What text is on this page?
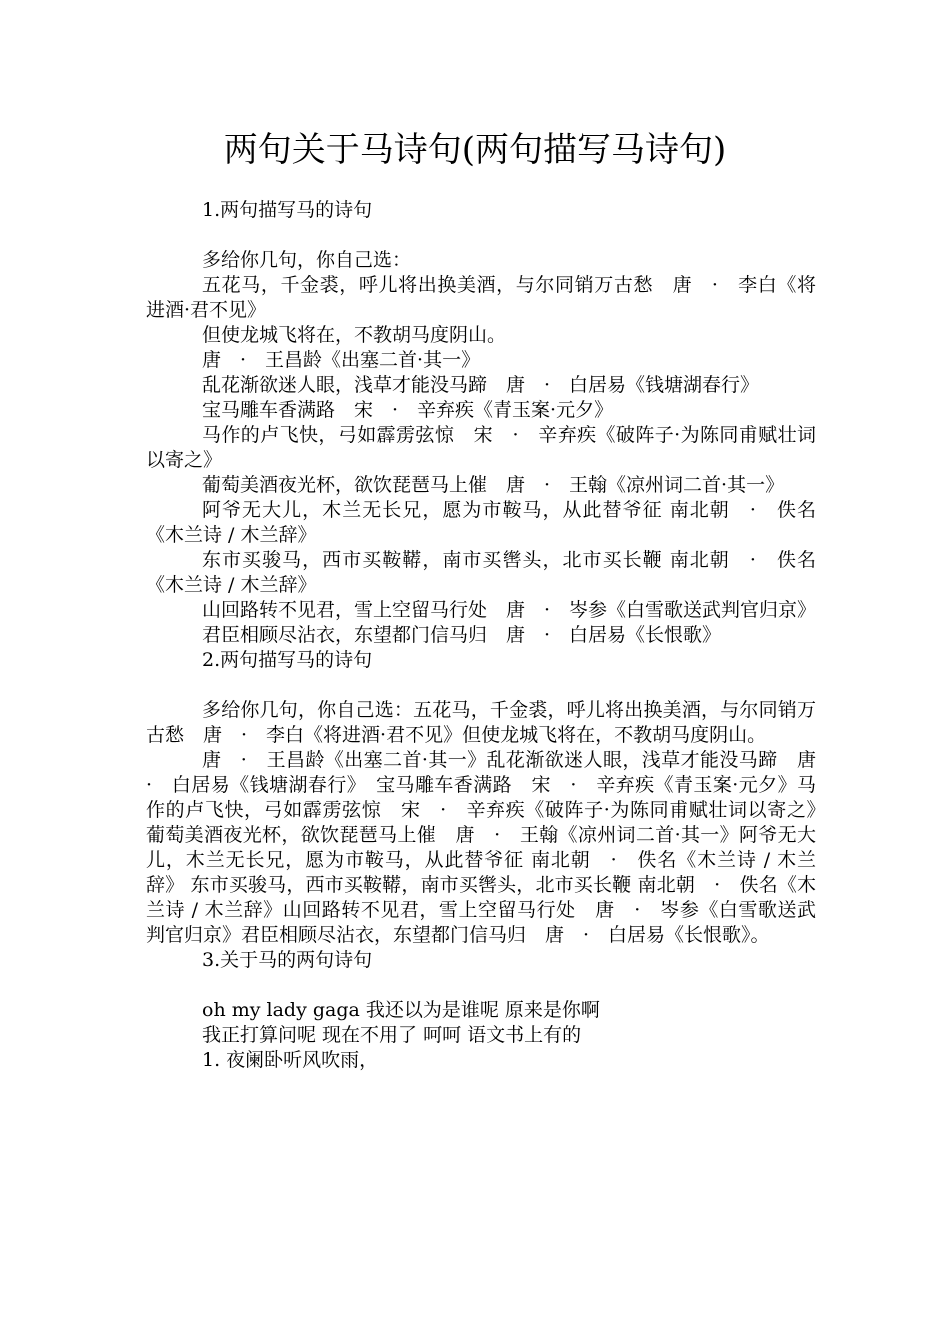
两句关于马诗句(两句描写马诗句)

1.两句描写马的诗句

多给你几句，你自己选：

五花马，千金裘，呼儿将出换美酒，与尔同销万古愁　唐　·　李白《将进酒·君不见》

但使龙城飞将在，不教胡马度阴山。

唐　·　王昌龄《出塞二首·其一》

乱花渐欲迷人眼，浅草才能没马蹄　唐　·　白居易《钱塘湖春行》

宝马雕车香满路　宋　·　辛弃疾《青玉案·元夕》

马作的卢飞快，弓如霹雳弦惊　宋　·　辛弃疾《破阵子·为陈同甫赋壮词以寄之》

葡萄美酒夜光杯，欲饮琵琶马上催　唐　·　王翰《凉州词二首·其一》

阿爷无大儿，木兰无长兄，愿为市鞍马，从此替爷征 南北朝　·　佚名《木兰诗 / 木兰辞》

东市买骏马，西市买鞍鞯，南市买辔头，北市买长鞭 南北朝　·　佚名《木兰诗 / 木兰辞》

山回路转不见君，雪上空留马行处　唐　·　岑参《白雪歌送武判官归京》

君臣相顾尽沾衣，东望都门信马归　唐　·　白居易《长恨歌》

2.两句描写马的诗句

多给你几句，你自己选：五花马，千金裘，呼儿将出换美酒，与尔同销万古愁　唐　·　李白《将进酒·君不见》但使龙城飞将在，不教胡马度阴山。

唐　·　王昌龄《出塞二首·其一》乱花渐欲迷人眼，浅草才能没马蹄　唐　·　白居易《钱塘湖春行》　宝马雕车香满路　宋　·　辛弃疾《青玉案·元夕》马作的卢飞快，弓如霹雳弦惊　宋　·　辛弃疾《破阵子·为陈同甫赋壮词以寄之》　葡萄美酒夜光杯，欲饮琵琶马上催　唐　·　王翰《凉州词二首·其一》阿爷无大儿，木兰无长兄，愿为市鞍马，从此替爷征 南北朝　·　佚名《木兰诗 / 木兰辞》 东市买骏马，西市买鞍鞯，南市买辔头，北市买长鞭 南北朝　·　佚名《木兰诗 / 木兰辞》山回路转不见君，雪上空留马行处　唐　·　岑参《白雪歌送武判官归京》君臣相顾尽沾衣，东望都门信马归　唐　·　白居易《长恨歌》。

3.关于马的两句诗句

oh my lady gaga 我还以为是谁呢 原来是你啊

我正打算问呢 现在不用了 呵呵 语文书上有的

1. 夜阑卧听风吹雨，
